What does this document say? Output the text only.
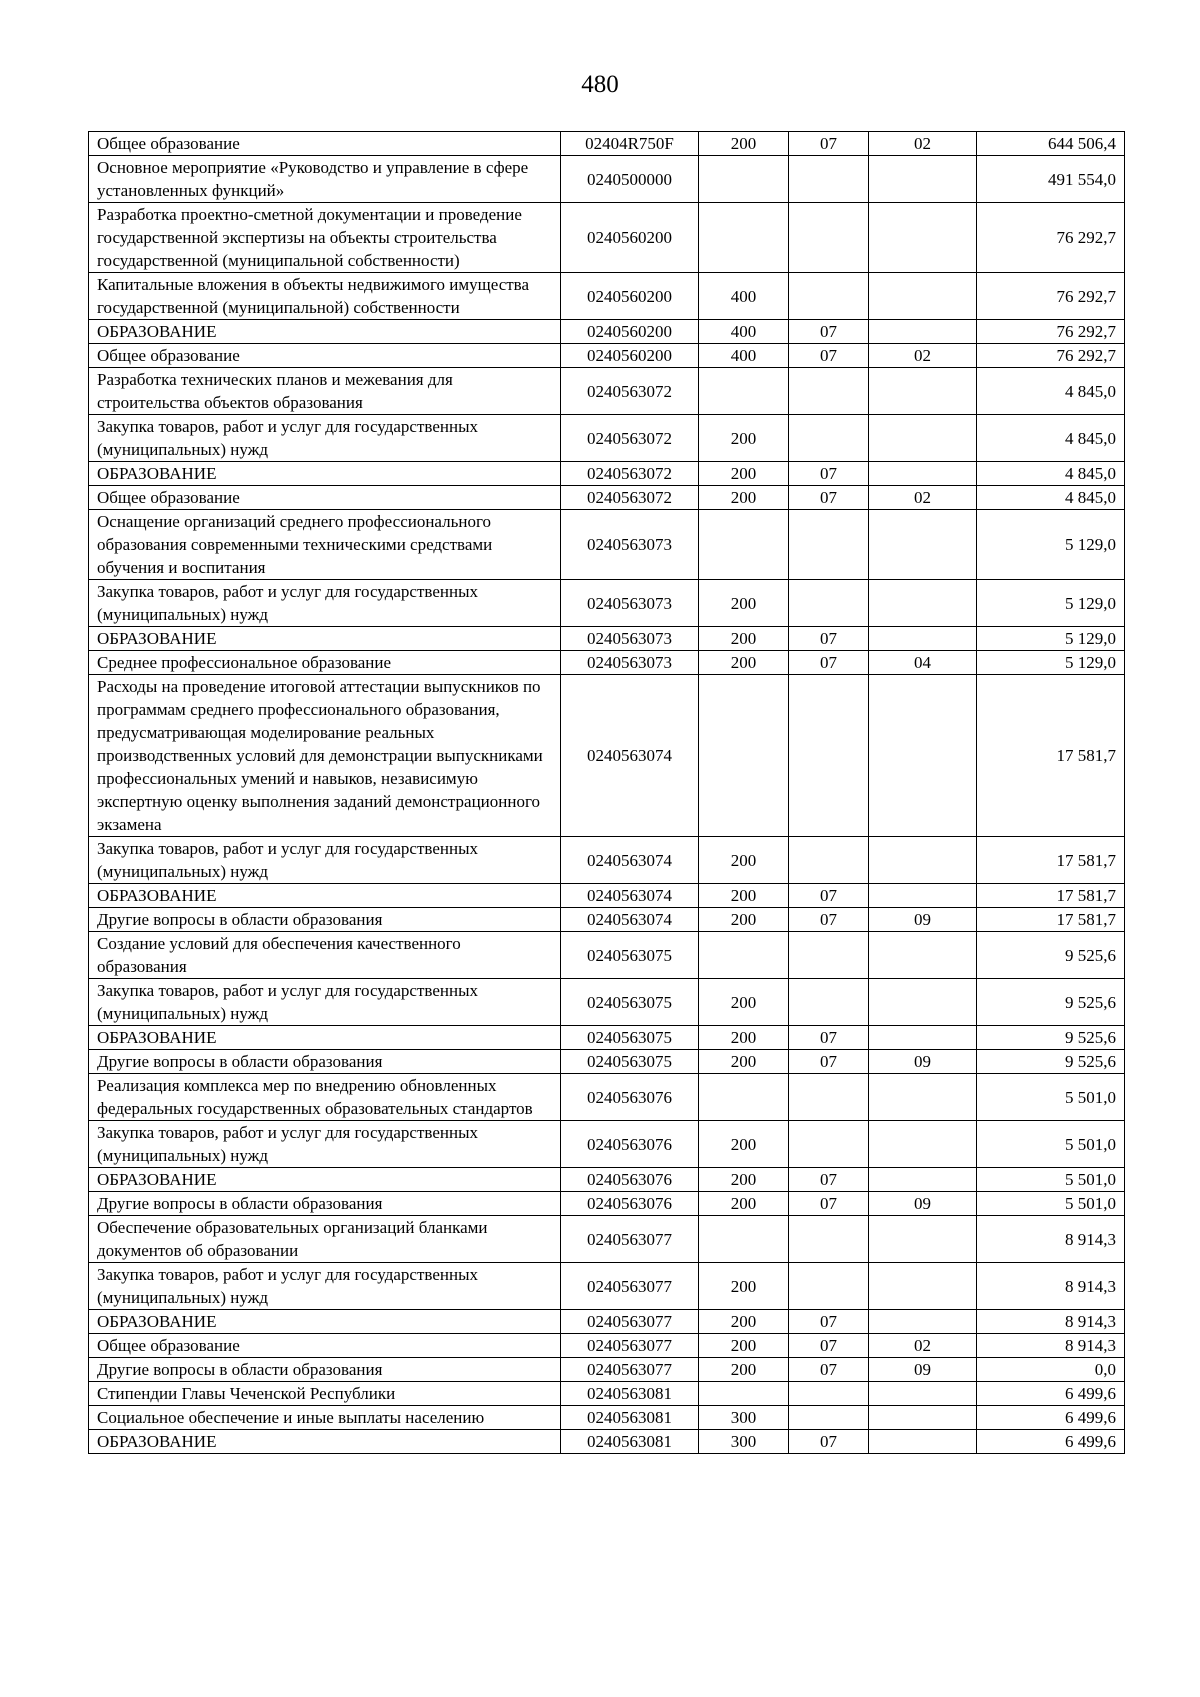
480
Общее образование	02404R750F	200	07	02	644 506,4
Основное мероприятие «Руководство и управление в сфере установленных функций»	0240500000				491 554,0
Разработка проектно-сметной документации и проведение государственной экспертизы на объекты строительства государственной (муниципальной собственности)	0240560200				76 292,7
Капитальные вложения в объекты недвижимого имущества государственной (муниципальной) собственности	0240560200	400			76 292,7
ОБРАЗОВАНИЕ	0240560200	400	07		76 292,7
Общее образование	0240560200	400	07	02	76 292,7
Разработка технических планов и межевания для строительства объектов образования	0240563072				4 845,0
Закупка товаров, работ и услуг для государственных (муниципальных) нужд	0240563072	200			4 845,0
ОБРАЗОВАНИЕ	0240563072	200	07		4 845,0
Общее образование	0240563072	200	07	02	4 845,0
Оснащение организаций среднего профессионального образования современными техническими средствами обучения и воспитания	0240563073				5 129,0
Закупка товаров, работ и услуг для государственных (муниципальных) нужд	0240563073	200			5 129,0
ОБРАЗОВАНИЕ	0240563073	200	07		5 129,0
Среднее профессиональное образование	0240563073	200	07	04	5 129,0
Расходы на проведение итоговой аттестации выпускников по программам среднего профессионального образования, предусматривающая моделирование реальных производственных условий для демонстрации выпускниками профессиональных умений и навыков, независимую экспертную оценку выполнения заданий демонстрационного экзамена	0240563074				17 581,7
Закупка товаров, работ и услуг для государственных (муниципальных) нужд	0240563074	200			17 581,7
ОБРАЗОВАНИЕ	0240563074	200	07		17 581,7
Другие вопросы в области образования	0240563074	200	07	09	17 581,7
Создание условий для обеспечения качественного образования	0240563075				9 525,6
Закупка товаров, работ и услуг для государственных (муниципальных) нужд	0240563075	200			9 525,6
ОБРАЗОВАНИЕ	0240563075	200	07		9 525,6
Другие вопросы в области образования	0240563075	200	07	09	9 525,6
Реализация комплекса мер по внедрению обновленных федеральных государственных образовательных стандартов	0240563076				5 501,0
Закупка товаров, работ и услуг для государственных (муниципальных) нужд	0240563076	200			5 501,0
ОБРАЗОВАНИЕ	0240563076	200	07		5 501,0
Другие вопросы в области образования	0240563076	200	07	09	5 501,0
Обеспечение образовательных организаций бланками документов об образовании	0240563077				8 914,3
Закупка товаров, работ и услуг для государственных (муниципальных) нужд	0240563077	200			8 914,3
ОБРАЗОВАНИЕ	0240563077	200	07		8 914,3
Общее образование	0240563077	200	07	02	8 914,3
Другие вопросы в области образования	0240563077	200	07	09	0,0
Стипендии Главы Чеченской Республики	0240563081				6 499,6
Социальное обеспечение и иные выплаты населению	0240563081	300			6 499,6
ОБРАЗОВАНИЕ	0240563081	300	07		6 499,6
